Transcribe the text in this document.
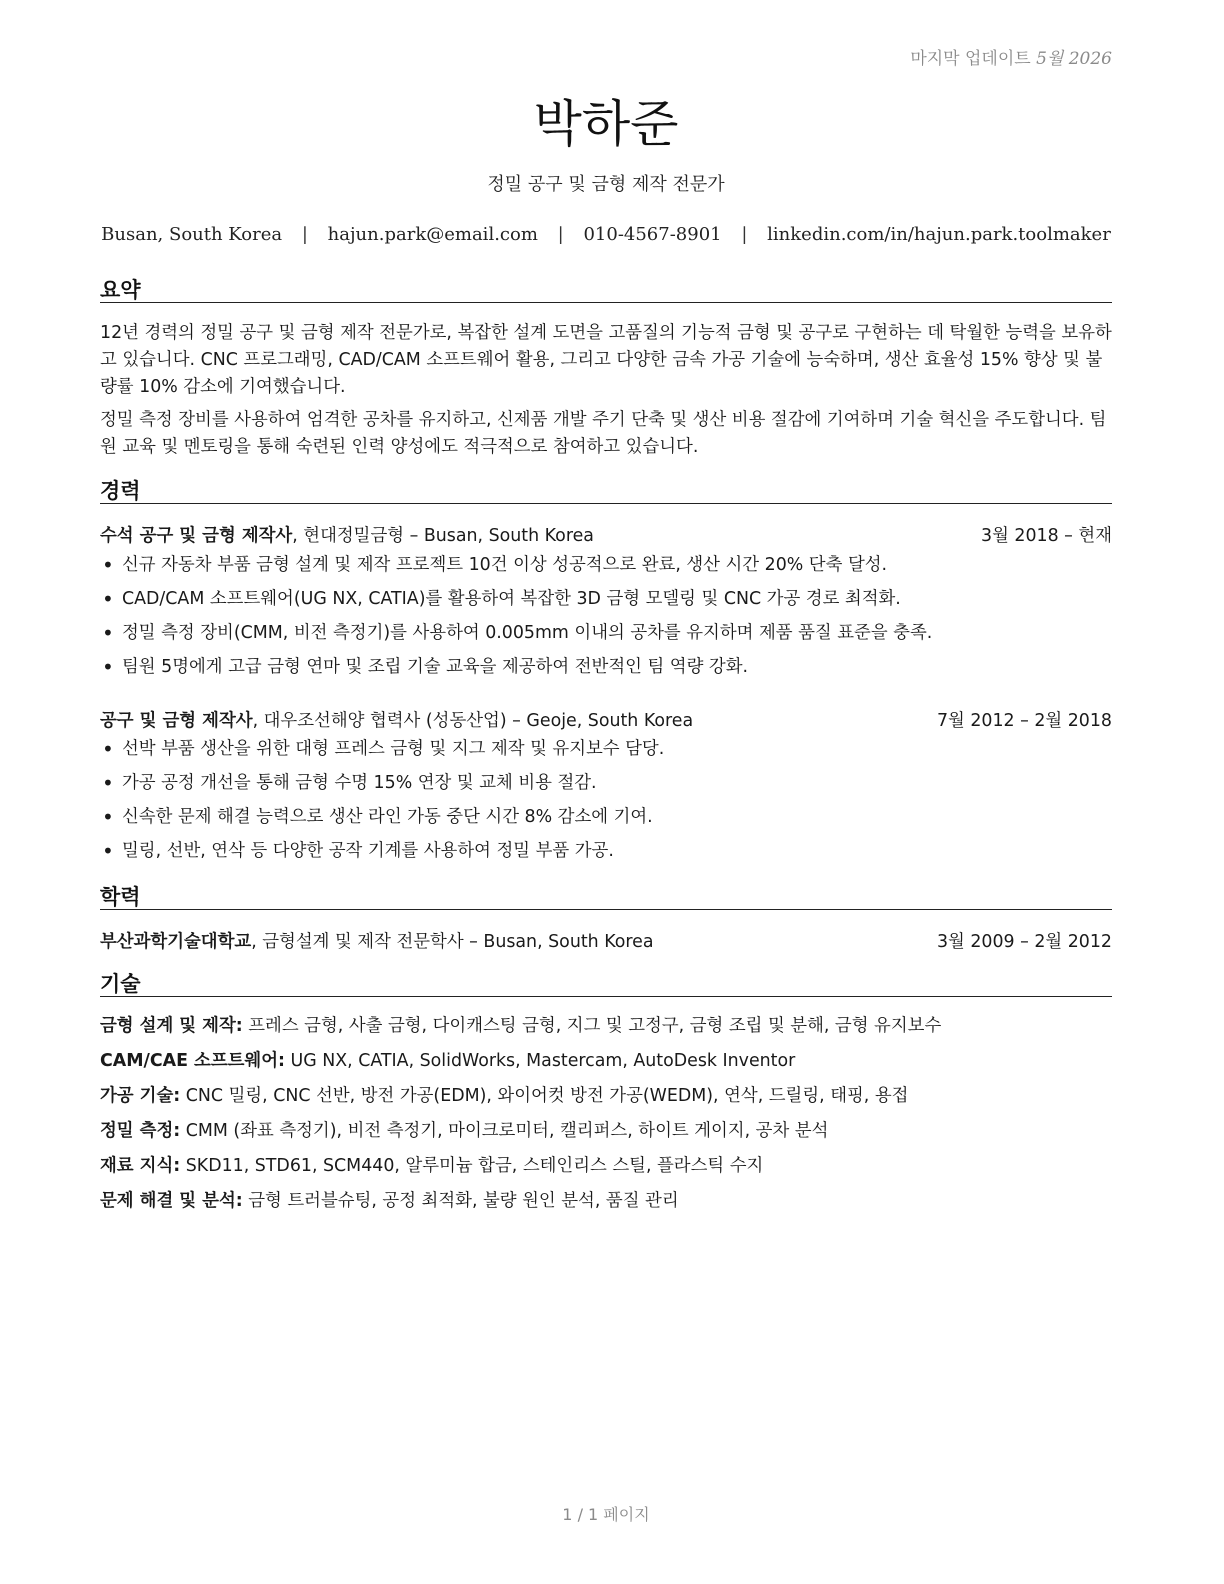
마지막 업데이트 5월 2026
박하준
정밀 공구 및 금형 제작 전문가
Busan, South Korea | hajun.park@email.com | 010-4567-8901 | linkedin.com/in/hajun.park.toolmaker
요약
12년 경력의 정밀 공구 및 금형 제작 전문가로, 복잡한 설계 도면을 고품질의 기능적 금형 및 공구로 구현하는 데 탁월한 능력을 보유하고 있습니다. CNC 프로그래밍, CAD/CAM 소프트웨어 활용, 그리고 다양한 금속 가공 기술에 능숙하며, 생산 효율성 15% 향상 및 불량률 10% 감소에 기여했습니다.
정밀 측정 장비를 사용하여 엄격한 공차를 유지하고, 신제품 개발 주기 단축 및 생산 비용 절감에 기여하며 기술 혁신을 주도합니다. 팀원 교육 및 멘토링을 통해 숙련된 인력 양성에도 적극적으로 참여하고 있습니다.
경력
수석 공구 및 금형 제작사, 현대정밀금형 – Busan, South Korea	3월 2018 – 현재
• 신규 자동차 부품 금형 설계 및 제작 프로젝트 10건 이상 성공적으로 완료, 생산 시간 20% 단축 달성.
• CAD/CAM 소프트웨어(UG NX, CATIA)를 활용하여 복잡한 3D 금형 모델링 및 CNC 가공 경로 최적화.
• 정밀 측정 장비(CMM, 비전 측정기)를 사용하여 0.005mm 이내의 공차를 유지하며 제품 품질 표준을 충족.
• 팀원 5명에게 고급 금형 연마 및 조립 기술 교육을 제공하여 전반적인 팀 역량 강화.
공구 및 금형 제작사, 대우조선해양 협력사 (성동산업) – Geoje, South Korea	7월 2012 – 2월 2018
• 선박 부품 생산을 위한 대형 프레스 금형 및 지그 제작 및 유지보수 담당.
• 가공 공정 개선을 통해 금형 수명 15% 연장 및 교체 비용 절감.
• 신속한 문제 해결 능력으로 생산 라인 가동 중단 시간 8% 감소에 기여.
• 밀링, 선반, 연삭 등 다양한 공작 기계를 사용하여 정밀 부품 가공.
학력
부산과학기술대학교, 금형설계 및 제작 전문학사 – Busan, South Korea	3월 2009 – 2월 2012
기술
금형 설계 및 제작: 프레스 금형, 사출 금형, 다이캐스팅 금형, 지그 및 고정구, 금형 조립 및 분해, 금형 유지보수
CAM/CAE 소프트웨어: UG NX, CATIA, SolidWorks, Mastercam, AutoDesk Inventor
가공 기술: CNC 밀링, CNC 선반, 방전 가공(EDM), 와이어컷 방전 가공(WEDM), 연삭, 드릴링, 태핑, 용접
정밀 측정: CMM (좌표 측정기), 비전 측정기, 마이크로미터, 캘리퍼스, 하이트 게이지, 공차 분석
재료 지식: SKD11, STD61, SCM440, 알루미늄 합금, 스테인리스 스틸, 플라스틱 수지
문제 해결 및 분석: 금형 트러블슈팅, 공정 최적화, 불량 원인 분석, 품질 관리
1 / 1 페이지
